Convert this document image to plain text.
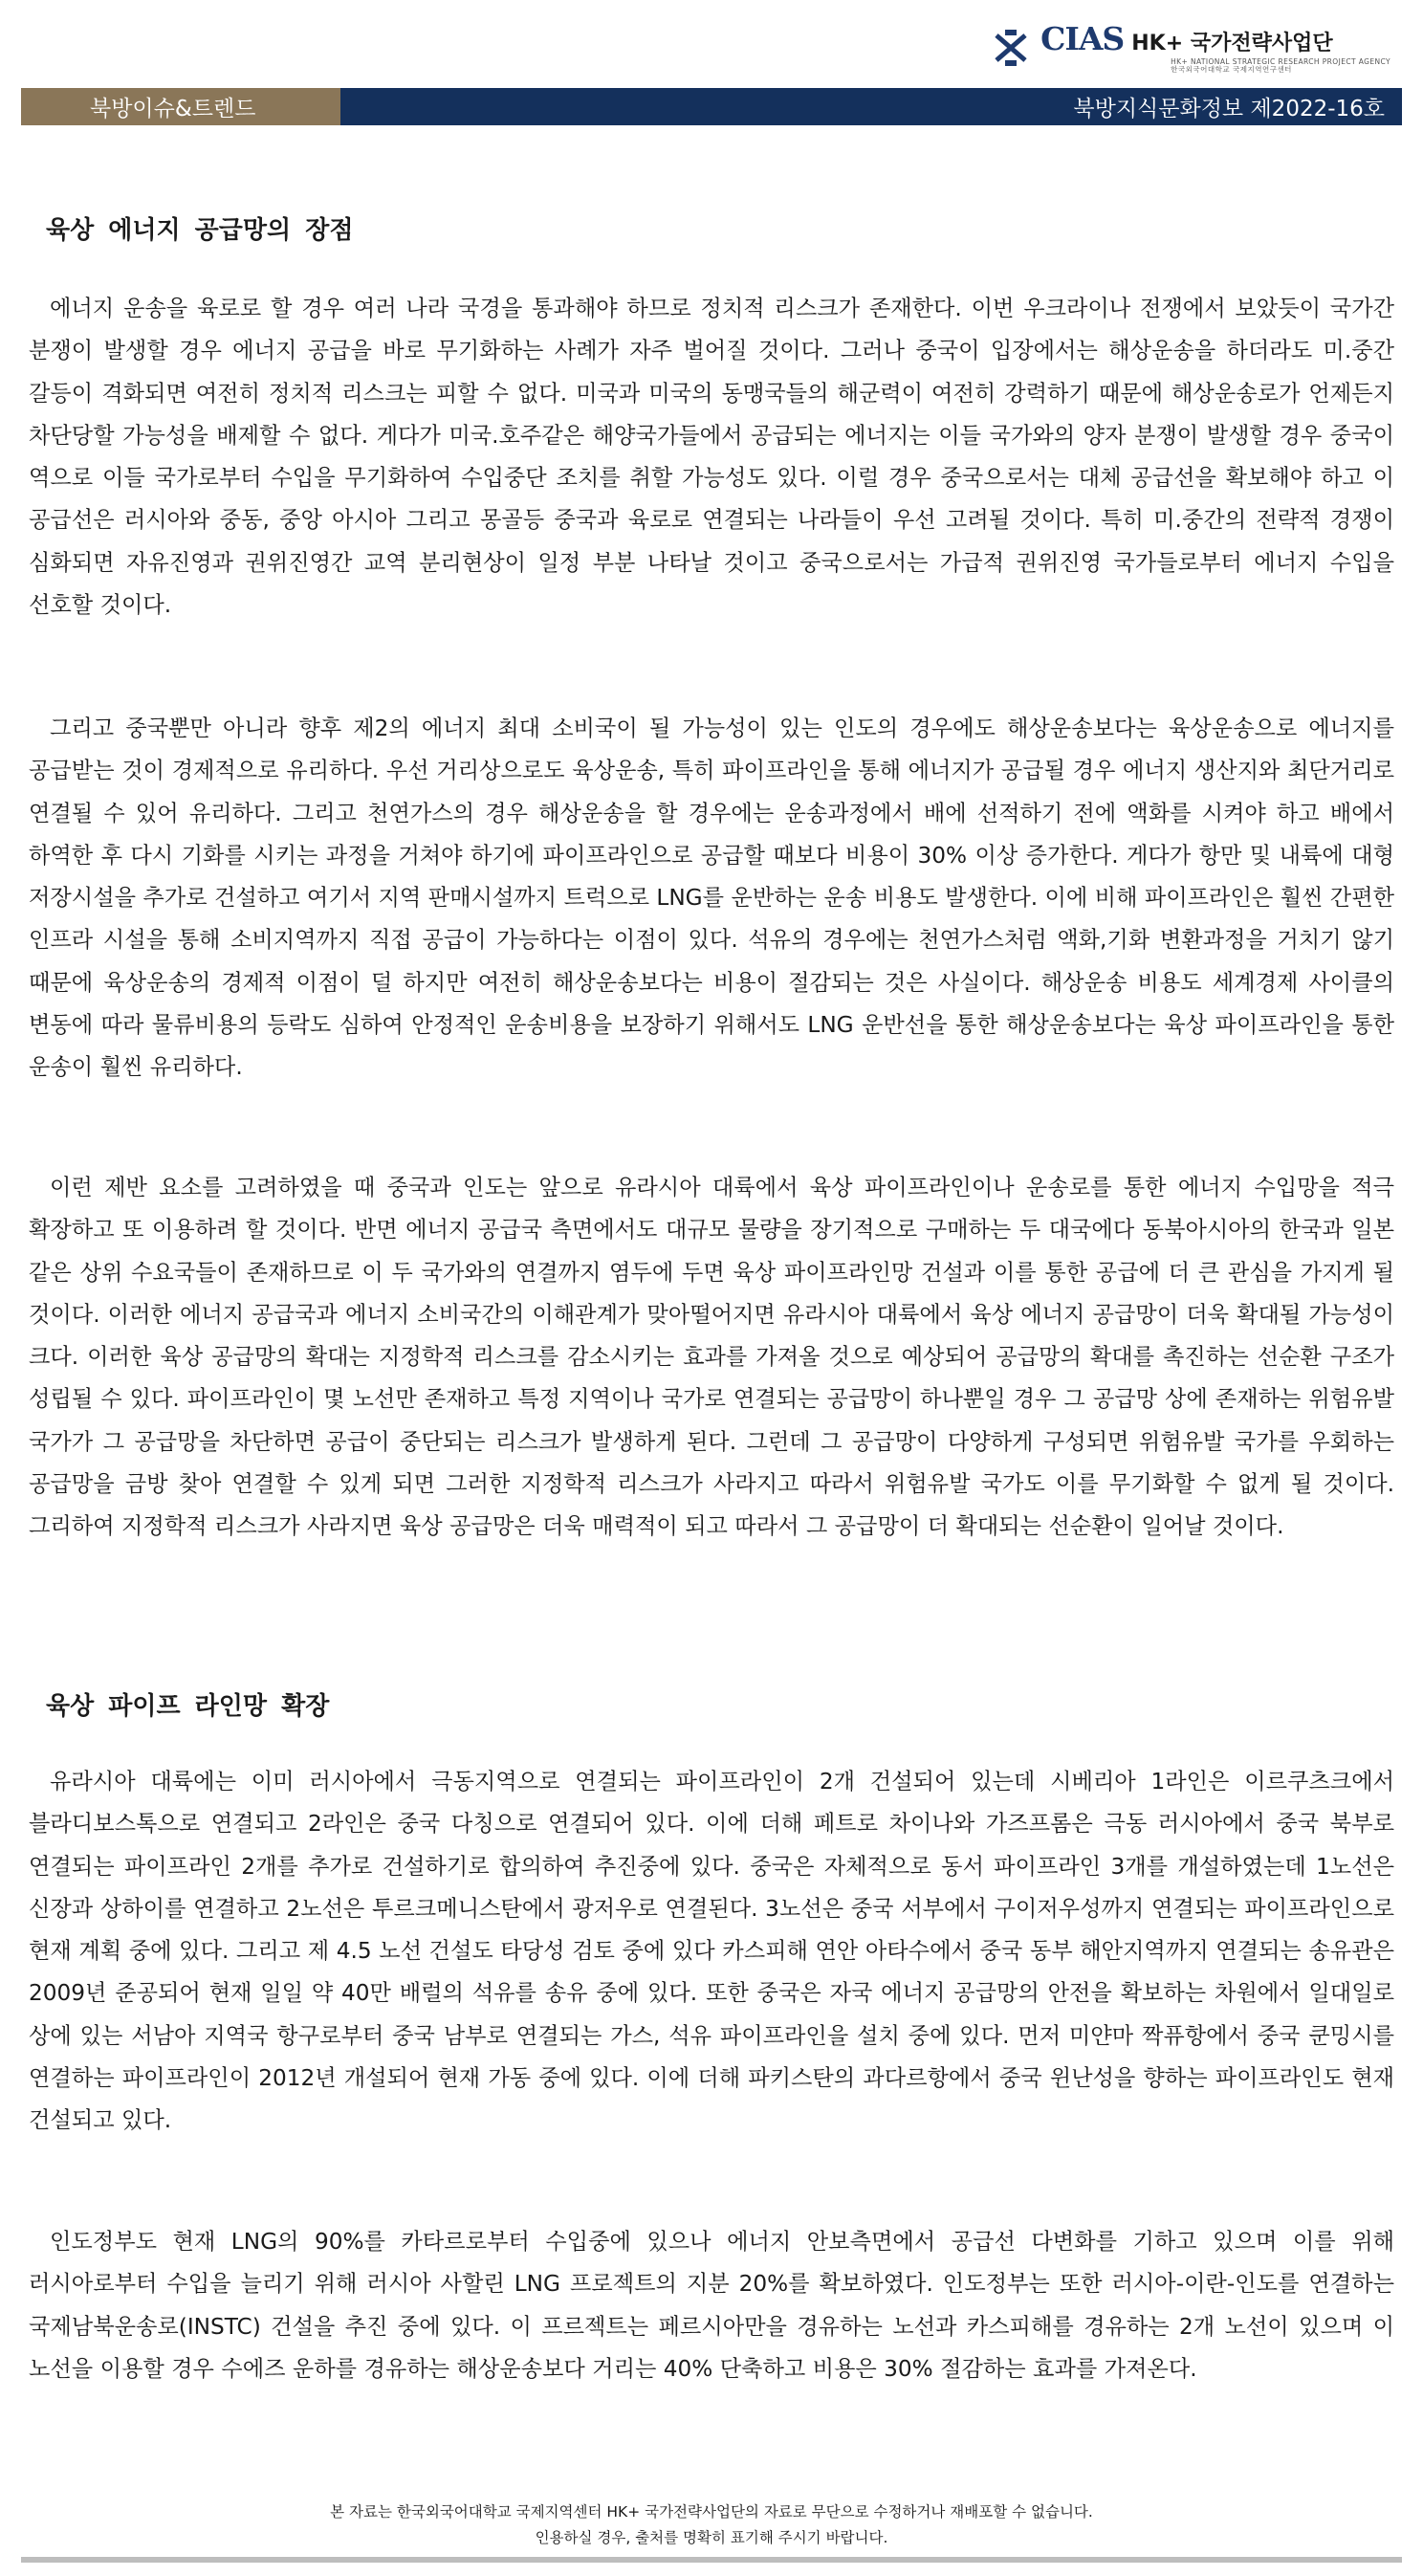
CIAS HK+ 국가전략사업단
HK+ NATIONAL STRATEGIC RESEARCH PROJECT AGENCY
한국외국어대학교 국제지역연구센터
북방이슈&트렌드	북방지식문화정보 제2022-16호
육상 에너지 공급망의 장점

에너지 운송을 육로로 할 경우 여러 나라 국경을 통과해야 하므로 정치적 리스크가 존재한다. 이번 우크라이나 전쟁에서 보았듯이 국가간 분쟁이 발생할 경우 에너지 공급을 바로 무기화하는 사례가 자주 벌어질 것이다. 그러나 중국이 입장에서는 해상운송을 하더라도 미.중간 갈등이 격화되면 여전히 정치적 리스크는 피할 수 없다. 미국과 미국의 동맹국들의 해군력이 여전히 강력하기 때문에 해상운송로가 언제든지 차단당할 가능성을 배제할 수 없다. 게다가 미국.호주같은 해양국가들에서 공급되는 에너지는 이들 국가와의 양자 분쟁이 발생할 경우 중국이 역으로 이들 국가로부터 수입을 무기화하여 수입중단 조치를 취할 가능성도 있다. 이럴 경우 중국으로서는 대체 공급선을 확보해야 하고 이 공급선은 러시아와 중동, 중앙 아시아 그리고 몽골등 중국과 육로로 연결되는 나라들이 우선 고려될 것이다. 특히 미.중간의 전략적 경쟁이 심화되면 자유진영과 권위진영간 교역 분리현상이 일정 부분 나타날 것이고 중국으로서는 가급적 권위진영 국가들로부터 에너지 수입을 선호할 것이다.

그리고 중국뿐만 아니라 향후 제2의 에너지 최대 소비국이 될 가능성이 있는 인도의 경우에도 해상운송보다는 육상운송으로 에너지를 공급받는 것이 경제적으로 유리하다. 우선 거리상으로도 육상운송, 특히 파이프라인을 통해 에너지가 공급될 경우 에너지 생산지와 최단거리로 연결될 수 있어 유리하다. 그리고 천연가스의 경우 해상운송을 할 경우에는 운송과정에서 배에 선적하기 전에 액화를 시켜야 하고 배에서 하역한 후 다시 기화를 시키는 과정을 거쳐야 하기에 파이프라인으로 공급할 때보다 비용이 30% 이상 증가한다. 게다가 항만 및 내륙에 대형 저장시설을 추가로 건설하고 여기서 지역 판매시설까지 트럭으로 LNG를 운반하는 운송 비용도 발생한다. 이에 비해 파이프라인은 훨씬 간편한 인프라 시설을 통해 소비지역까지 직접 공급이 가능하다는 이점이 있다. 석유의 경우에는 천연가스처럼 액화,기화 변환과정을 거치기 않기 때문에 육상운송의 경제적 이점이 덜 하지만 여전히 해상운송보다는 비용이 절감되는 것은 사실이다. 해상운송 비용도 세계경제 사이클의 변동에 따라 물류비용의 등락도 심하여 안정적인 운송비용을 보장하기 위해서도 LNG 운반선을 통한 해상운송보다는 육상 파이프라인을 통한 운송이 훨씬 유리하다.

이런 제반 요소를 고려하였을 때 중국과 인도는 앞으로 유라시아 대륙에서 육상 파이프라인이나 운송로를 통한 에너지 수입망을 적극 확장하고 또 이용하려 할 것이다. 반면 에너지 공급국 측면에서도 대규모 물량을 장기적으로 구매하는 두 대국에다 동북아시아의 한국과 일본 같은 상위 수요국들이 존재하므로 이 두 국가와의 연결까지 염두에 두면 육상 파이프라인망 건설과 이를 통한 공급에 더 큰 관심을 가지게 될 것이다. 이러한 에너지 공급국과 에너지 소비국간의 이해관계가 맞아떨어지면 유라시아 대륙에서 육상 에너지 공급망이 더욱 확대될 가능성이 크다. 이러한 육상 공급망의 확대는 지정학적 리스크를 감소시키는 효과를 가져올 것으로 예상되어 공급망의 확대를 촉진하는 선순환 구조가 성립될 수 있다. 파이프라인이 몇 노선만 존재하고 특정 지역이나 국가로 연결되는 공급망이 하나뿐일 경우 그 공급망 상에 존재하는 위험유발 국가가 그 공급망을 차단하면 공급이 중단되는 리스크가 발생하게 된다. 그런데 그 공급망이 다양하게 구성되면 위험유발 국가를 우회하는 공급망을 금방 찾아 연결할 수 있게 되면 그러한 지정학적 리스크가 사라지고 따라서 위험유발 국가도 이를 무기화할 수 없게 될 것이다. 그리하여 지정학적 리스크가 사라지면 육상 공급망은 더욱 매력적이 되고 따라서 그 공급망이 더 확대되는 선순환이 일어날 것이다.

육상 파이프 라인망 확장

유라시아 대륙에는 이미 러시아에서 극동지역으로 연결되는 파이프라인이 2개 건설되어 있는데 시베리아 1라인은 이르쿠츠크에서 블라디보스톡으로 연결되고 2라인은 중국 다칭으로 연결되어 있다. 이에 더해 페트로 차이나와 가즈프롬은 극동 러시아에서 중국 북부로 연결되는 파이프라인 2개를 추가로 건설하기로 합의하여 추진중에 있다. 중국은 자체적으로 동서 파이프라인 3개를 개설하였는데 1노선은 신장과 상하이를 연결하고 2노선은 투르크메니스탄에서 광저우로 연결된다. 3노선은 중국 서부에서 구이저우성까지 연결되는 파이프라인으로 현재 계획 중에 있다. 그리고 제 4.5 노선 건설도 타당성 검토 중에 있다 카스피해 연안 아타수에서 중국 동부 해안지역까지 연결되는 송유관은 2009년 준공되어 현재 일일 약 40만 배럴의 석유를 송유 중에 있다. 또한 중국은 자국 에너지 공급망의 안전을 확보하는 차원에서 일대일로 상에 있는 서남아 지역국 항구로부터 중국 남부로 연결되는 가스, 석유 파이프라인을 설치 중에 있다. 먼저 미얀마 짝퓨항에서 중국 쿤밍시를 연결하는 파이프라인이 2012년 개설되어 현재 가동 중에 있다. 이에 더해 파키스탄의 과다르항에서 중국 윈난성을 향하는 파이프라인도 현재 건설되고 있다.

인도정부도 현재 LNG의 90%를 카타르로부터 수입중에 있으나 에너지 안보측면에서 공급선 다변화를 기하고 있으며 이를 위해 러시아로부터 수입을 늘리기 위해 러시아 사할린 LNG 프로젝트의 지분 20%를 확보하였다. 인도정부는 또한 러시아-이란-인도를 연결하는 국제남북운송로(INSTC) 건설을 추진 중에 있다. 이 프르젝트는 페르시아만을 경유하는 노선과 카스피해를 경유하는 2개 노선이 있으며 이 노선을 이용할 경우 수에즈 운하를 경유하는 해상운송보다 거리는 40% 단축하고 비용은 30% 절감하는 효과를 가져온다.

본 자료는 한국외국어대학교 국제지역센터 HK+ 국가전략사업단의 자료로 무단으로 수정하거나 재배포할 수 없습니다.
인용하실 경우, 출처를 명확히 표기해 주시기 바랍니다.
